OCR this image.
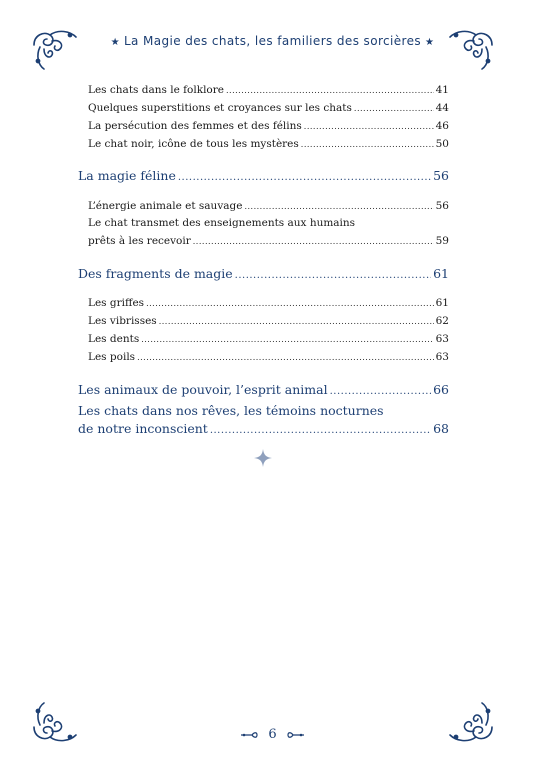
★ La Magie des chats, les familiers des sorcières ★
Les chats dans le folklore .....	41
Quelques superstitions et croyances sur les chats .....	44
La persécution des femmes et des félins .....	46
Le chat noir, icône de tous les mystères .....	50
La magie féline .....	56
L’énergie animale et sauvage .....	56
Le chat transmet des enseignements aux humains
prêts à les recevoir .....	59
Des fragments de magie .....	61
Les griffes .....	61
Les vibrisses .....	62
Les dents .....	63
Les poils .....	63
Les animaux de pouvoir, l’esprit animal .....	66
Les chats dans nos rêves, les témoins nocturnes
de notre inconscient .....	68
6
